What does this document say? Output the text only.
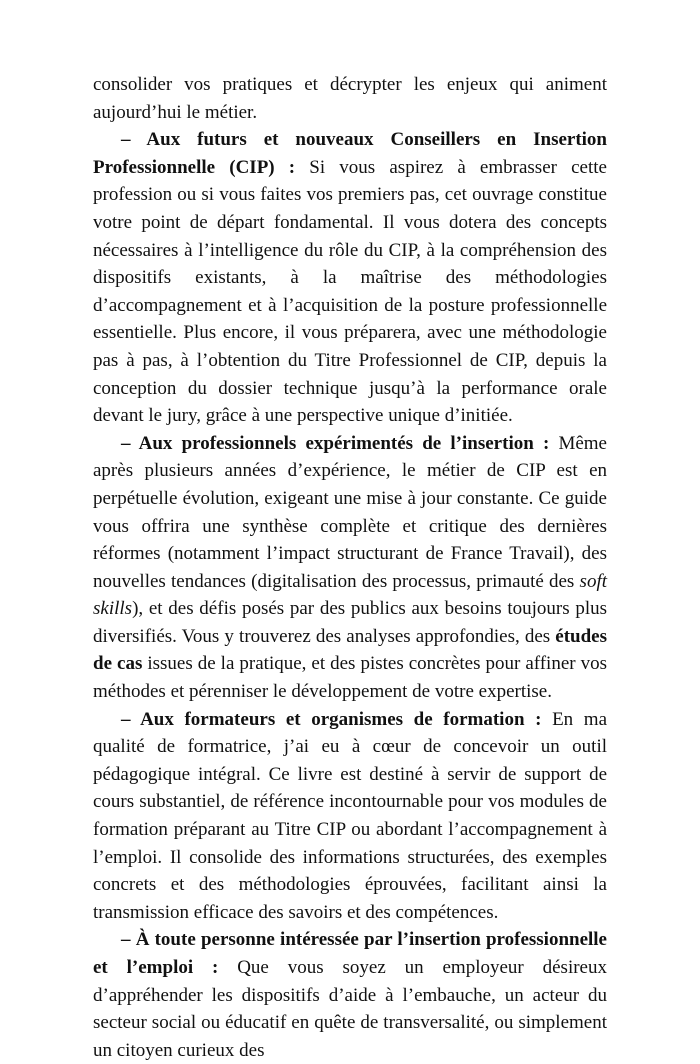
consolider vos pratiques et décrypter les enjeux qui animent aujourd’hui le métier.

– Aux futurs et nouveaux Conseillers en Insertion Professionnelle (CIP) : Si vous aspirez à embrasser cette profession ou si vous faites vos premiers pas, cet ouvrage constitue votre point de départ fondamental. Il vous dotera des concepts nécessaires à l’intelligence du rôle du CIP, à la compréhension des dispositifs existants, à la maîtrise des méthodologies d’accompagnement et à l’acquisition de la posture professionnelle essentielle. Plus encore, il vous préparera, avec une méthodologie pas à pas, à l’obtention du Titre Professionnel de CIP, depuis la conception du dossier technique jusqu’à la performance orale devant le jury, grâce à une perspective unique d’initiée.

– Aux professionnels expérimentés de l’insertion : Même après plusieurs années d’expérience, le métier de CIP est en perpétuelle évolution, exigeant une mise à jour constante. Ce guide vous offrira une synthèse complète et critique des dernières réformes (notamment l’impact structurant de France Travail), des nouvelles tendances (digitalisation des processus, primauté des soft skills), et des défis posés par des publics aux besoins toujours plus diversifiés. Vous y trouverez des analyses approfondies, des études de cas issues de la pratique, et des pistes concrètes pour affiner vos méthodes et pérenniser le développement de votre expertise.

– Aux formateurs et organismes de formation : En ma qualité de formatrice, j’ai eu à cœur de concevoir un outil pédagogique intégral. Ce livre est destiné à servir de support de cours substantiel, de référence incontournable pour vos modules de formation préparant au Titre CIP ou abordant l’accompagnement à l’emploi. Il consolide des informations structurées, des exemples concrets et des méthodologies éprouvées, facilitant ainsi la transmission efficace des savoirs et des compétences.

– À toute personne intéressée par l’insertion professionnelle et l’emploi : Que vous soyez un employeur désireux d’appréhender les dispositifs d’aide à l’embauche, un acteur du secteur social ou éducatif en quête de transversalité, ou simplement un citoyen curieux des
